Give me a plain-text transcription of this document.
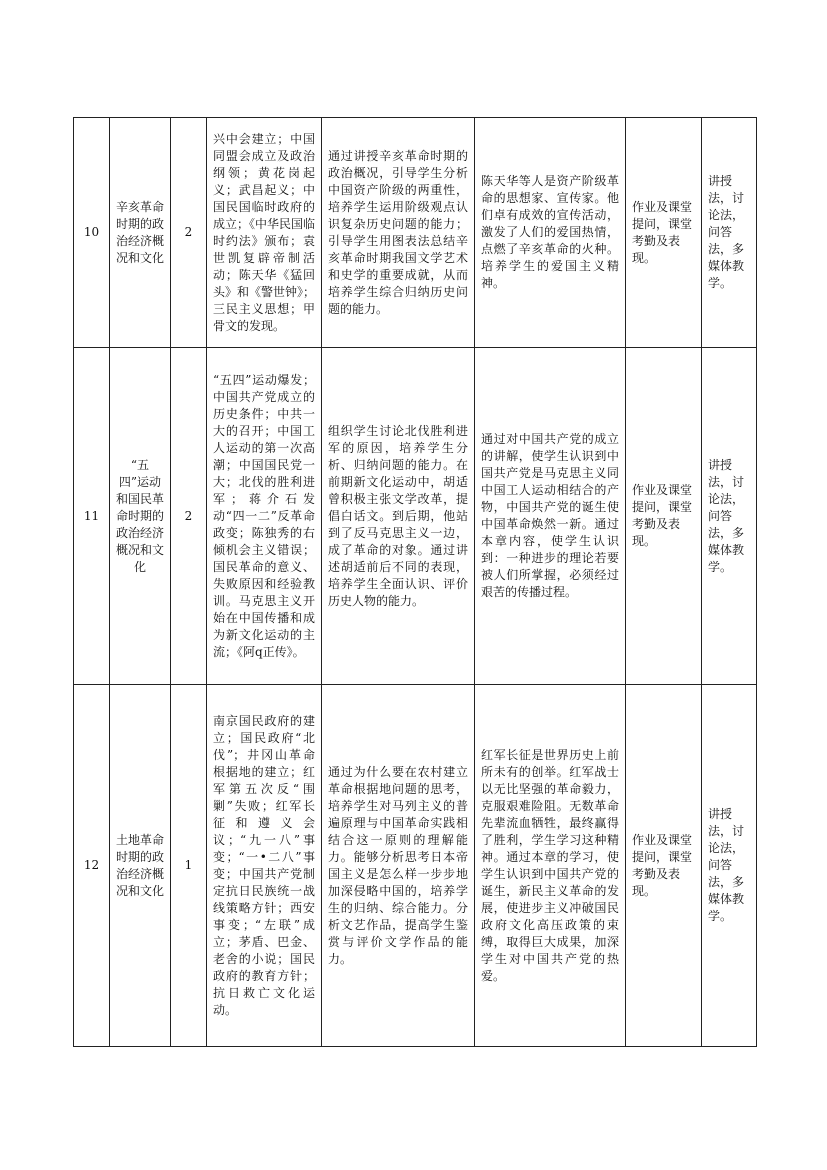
10	辛亥革命时期的政治经济概况和文化	2	兴中会建立；中国同盟会成立及政治纲领；黄花岗起义；武昌起义；中国民国临时政府的成立；《中华民国临时约法》颁布；袁世凯复辟帝制活动；陈天华《猛回头》和《警世钟》；三民主义思想；甲骨文的发现。	通过讲授辛亥革命时期的政治概况，引导学生分析中国资产阶级的两重性，培养学生运用阶级观点认识复杂历史问题的能力；引导学生用图表法总结辛亥革命时期我国文学艺术和史学的重要成就，从而培养学生综合归纳历史问题的能力。	陈天华等人是资产阶级革命的思想家、宣传家。他们卓有成效的宣传活动，激发了人们的爱国热情，点燃了辛亥革命的火种。培养学生的爱国主义精神。	作业及课堂提问，课堂考勤及表现。	讲授法，讨论法，问答法，多媒体教学。
11	“五四”运动和国民革命时期的政治经济概况和文化	2	“五四”运动爆发；中国共产党成立的历史条件；中共一大的召开；中国工人运动的第一次高潮；中国国民党一大；北伐的胜利进军；蒋介石发动“四一二”反革命政变；陈独秀的右倾机会主义错误；国民革命的意义、失败原因和经验教训。马克思主义开始在中国传播和成为新文化运动的主流；《阿q正传》。	组织学生讨论北伐胜利进军的原因，培养学生分析、归纳问题的能力。在前期新文化运动中，胡适曾积极主张文学改革，提倡白话文。到后期，他站到了反马克思主义一边，成了革命的对象。通过讲述胡适前后不同的表现，培养学生全面认识、评价历史人物的能力。	通过对中国共产党的成立的讲解，使学生认识到中国共产党是马克思主义同中国工人运动相结合的产物，中国共产党的诞生使中国革命焕然一新。通过本章内容，使学生认识到：一种进步的理论若要被人们所掌握，必须经过艰苦的传播过程。	作业及课堂提问，课堂考勤及表现。	讲授法，讨论法，问答法，多媒体教学。
12	土地革命时期的政治经济概况和文化	1	南京国民政府的建立；国民政府“北伐”；井冈山革命根据地的建立；红军第五次反“围剿”失败；红军长征和遵义会议；“九一八”事变；“一•二八”事变；中国共产党制定抗日民族统一战线策略方针；西安事变；“左联”成立；茅盾、巴金、老舍的小说；国民政府的教育方针；抗日救亡文化运动。	通过为什么要在农村建立革命根据地问题的思考，培养学生对马列主义的普遍原理与中国革命实践相结合这一原则的理解能力。能够分析思考日本帝国主义是怎么样一步步地加深侵略中国的，培养学生的归纳、综合能力。分析文艺作品，提高学生鉴赏与评价文学作品的能力。	红军长征是世界历史上前所未有的创举。红军战士以无比坚强的革命毅力，克服艰难险阻。无数革命先辈流血牺牲，最终赢得了胜利，学生学习这种精神。通过本章的学习，使学生认识到中国共产党的诞生，新民主义革命的发展，使进步主义冲破国民政府文化高压政策的束缚，取得巨大成果，加深学生对中国共产党的热爱。	作业及课堂提问，课堂考勤及表现。	讲授法，讨论法，问答法，多媒体教学。
